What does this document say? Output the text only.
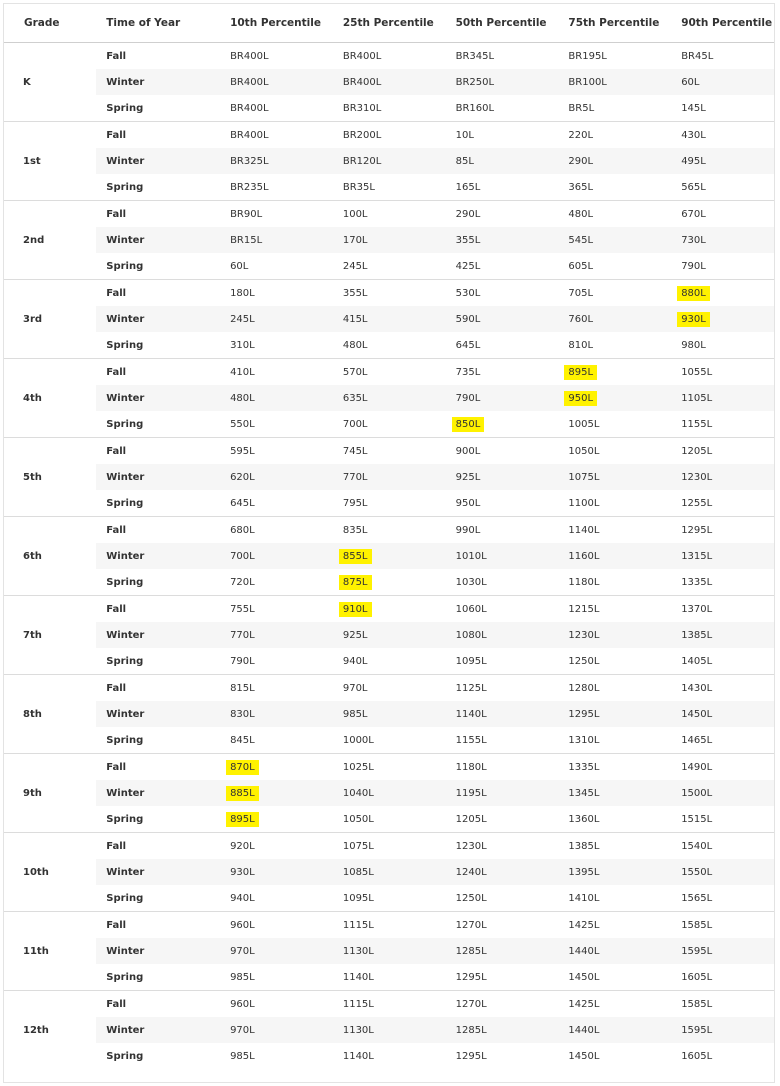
Grade	Time of Year	10th Percentile	25th Percentile	50th Percentile	75th Percentile	90th Percentile
K	Fall	BR400L	BR400L	BR345L	BR195L	BR45L
	Winter	BR400L	BR400L	BR250L	BR100L	60L
	Spring	BR400L	BR310L	BR160L	BR5L	145L
1st	Fall	BR400L	BR200L	10L	220L	430L
	Winter	BR325L	BR120L	85L	290L	495L
	Spring	BR235L	BR35L	165L	365L	565L
2nd	Fall	BR90L	100L	290L	480L	670L
	Winter	BR15L	170L	355L	545L	730L
	Spring	60L	245L	425L	605L	790L
3rd	Fall	180L	355L	530L	705L	880L
	Winter	245L	415L	590L	760L	930L
	Spring	310L	480L	645L	810L	980L
4th	Fall	410L	570L	735L	895L	1055L
	Winter	480L	635L	790L	950L	1105L
	Spring	550L	700L	850L	1005L	1155L
5th	Fall	595L	745L	900L	1050L	1205L
	Winter	620L	770L	925L	1075L	1230L
	Spring	645L	795L	950L	1100L	1255L
6th	Fall	680L	835L	990L	1140L	1295L
	Winter	700L	855L	1010L	1160L	1315L
	Spring	720L	875L	1030L	1180L	1335L
7th	Fall	755L	910L	1060L	1215L	1370L
	Winter	770L	925L	1080L	1230L	1385L
	Spring	790L	940L	1095L	1250L	1405L
8th	Fall	815L	970L	1125L	1280L	1430L
	Winter	830L	985L	1140L	1295L	1450L
	Spring	845L	1000L	1155L	1310L	1465L
9th	Fall	870L	1025L	1180L	1335L	1490L
	Winter	885L	1040L	1195L	1345L	1500L
	Spring	895L	1050L	1205L	1360L	1515L
10th	Fall	920L	1075L	1230L	1385L	1540L
	Winter	930L	1085L	1240L	1395L	1550L
	Spring	940L	1095L	1250L	1410L	1565L
11th	Fall	960L	1115L	1270L	1425L	1585L
	Winter	970L	1130L	1285L	1440L	1595L
	Spring	985L	1140L	1295L	1450L	1605L
12th	Fall	960L	1115L	1270L	1425L	1585L
	Winter	970L	1130L	1285L	1440L	1595L
	Spring	985L	1140L	1295L	1450L	1605L
